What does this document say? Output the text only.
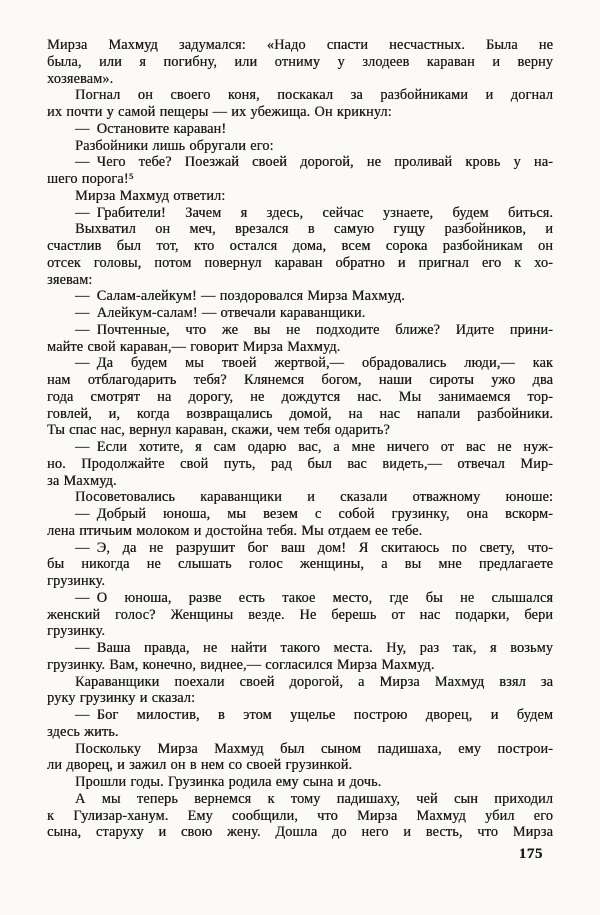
Мирза Махмуд задумался: «Надо спасти несчастных. Была не
была, или я погибну, или отниму у злодеев караван и верну
хозяевам».
Погнал он своего коня, поскакал за разбойниками и догнал
их почти у самой пещеры — их убежища. Он крикнул:
— Остановите караван!
Разбойники лишь обругали его:
— Чего тебе? Поезжай своей дорогой, не проливай кровь у на-
шего порога!⁵
Мирза Махмуд ответил:
— Грабители! Зачем я здесь, сейчас узнаете, будем биться.
Выхватил он меч, врезался в самую гущу разбойников, и
счастлив был тот, кто остался дома, всем сорока разбойникам он
отсек головы, потом повернул караван обратно и пригнал его к хо-
зяевам:
— Салам-алейкум! — поздоровался Мирза Махмуд.
— Алейкум-салам! — отвечали караванщики.
— Почтенные, что же вы не подходите ближе? Идите прини-
майте свой караван,— говорит Мирза Махмуд.
— Да будем мы твоей жертвой,— обрадовались люди,— как
нам отблагодарить тебя? Клянемся богом, наши сироты ужо два
года смотрят на дорогу, не дождутся нас. Мы занимаемся тор-
говлей, и, когда возвращались домой, на нас напали разбойники.
Ты спас нас, вернул караван, скажи, чем тебя одарить?
— Если хотите, я сам одарю вас, а мне ничего от вас не нуж-
но. Продолжайте свой путь, рад был вас видеть,— отвечал Мир-
за Махмуд.
Посоветовались караванщики и сказали отважному юноше:
— Добрый юноша, мы везем с собой грузинку, она вскорм-
лена птичьим молоком и достойна тебя. Мы отдаем ее тебе.
— Э, да не разрушит бог ваш дом! Я скитаюсь по свету, что-
бы никогда не слышать голос женщины, а вы мне предлагаете
грузинку.
— О юноша, разве есть такое место, где бы не слышался
женский голос? Женщины везде. Не берешь от нас подарки, бери
грузинку.
— Ваша правда, не найти такого места. Ну, раз так, я возьму
грузинку. Вам, конечно, виднее,— согласился Мирза Махмуд.
Караванщики поехали своей дорогой, а Мирза Махмуд взял за
руку грузинку и сказал:
— Бог милостив, в этом ущелье построю дворец, и будем
здесь жить.
Поскольку Мирза Махмуд был сыном падишаха, ему построи-
ли дворец, и зажил он в нем со своей грузинкой.
Прошли годы. Грузинка родила ему сына и дочь.
А мы теперь вернемся к тому падишаху, чей сын приходил
к Гулизар-ханум. Ему сообщили, что Мирза Махмуд убил его
сына, старуху и свою жену. Дошла до него и весть, что Мирза
175
